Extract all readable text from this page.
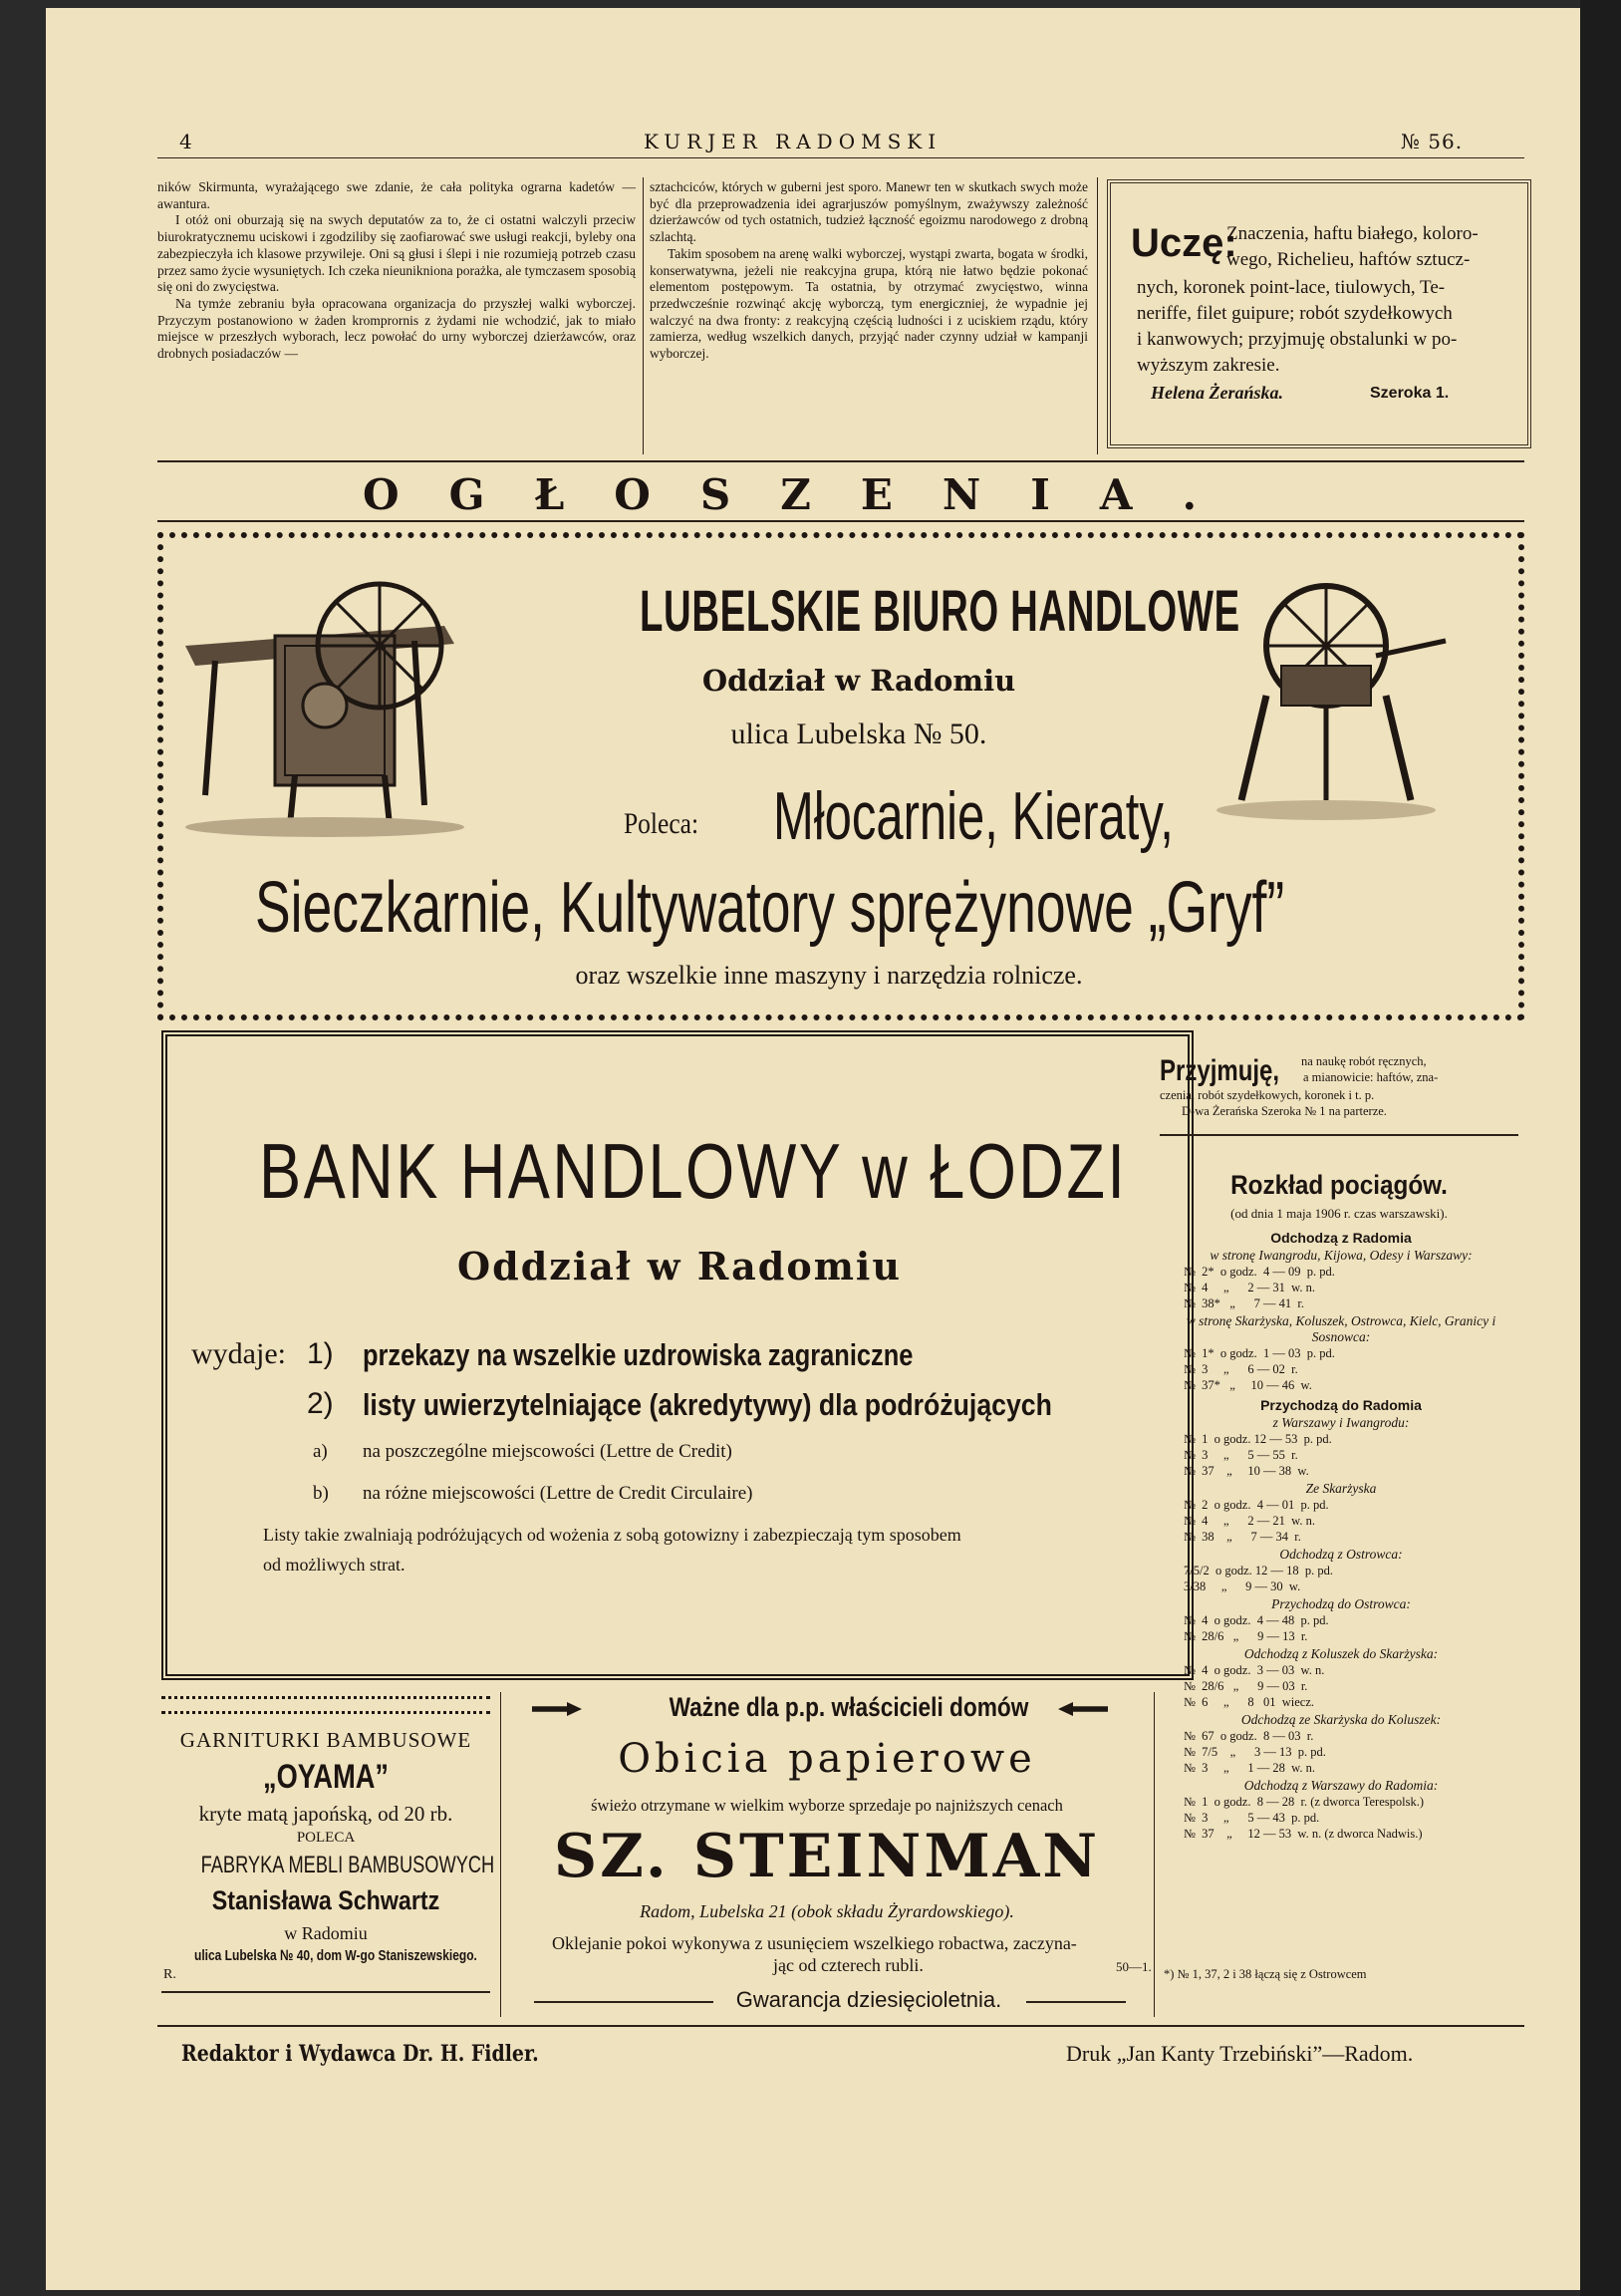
4	KURJER RADOMSKI	№ 56.

ników Skirmunta, wyrażającego swe zdanie, że cała polityka ograrna kadetów — awantura.

I otóż oni oburzają się na swych deputatów za to, że ci ostatni walczyli przeciw biurokratycznemu uciskowi i zgodziliby się zaofiarować swe usługi reakcji, byleby ona zabezpieczyła ich klasowe przywileje. Oni są głusi i ślepi i nie rozumieją potrzeb czasu przez samo życie wysuniętych. Ich czeka nieunikniona porażka, ale tymczasem sposobią się oni do zwycięstwa.

Na tymże zebraniu była opracowana organizacja do przyszłej walki wyborczej. Przyczym postanowiono w żaden kromprornis z żydami nie wchodzić, jak to miało miejsce w przeszłych wyborach, lecz powołać do urny wyborczej dzierżawców, oraz drobnych posiadaczów —

sztachciców, których w guberni jest sporo. Manewr ten w skutkach swych może być dla przeprowadzenia idei agrarjuszów pomyślnym, zważywszy zależność dzierżawców od tych ostatnich, tudzież łączność egoizmu narodowego z drobną szlachtą.

Takim sposobem na arenę walki wyborczej, wystąpi zwarta, bogata w środki, konserwatywna, jeżeli nie reakcyjna grupa, którą nie łatwo będzie pokonać elementom postępowym. Ta ostatnia, by otrzymać zwycięstwo, winna przedwcześnie rozwinąć akcję wyborczą, tym energiczniej, że wypadnie jej walczyć na dwa fronty: z reakcyjną częścią ludności i z uciskiem rządu, który zamierza, według wszelkich danych, przyjąć nader czynny udział w kampanji wyborczej.

Uczę:
Znaczenia, haftu białego, koloro-
wego, Richelieu, haftów sztucz-
nych, koronek point-lace, tiulowych, Te-
neriffe, filet guipure; robót szydełkowych
i kanwowych; przyjmuję obstalunki w po-
wyższym zakresie.
Helena Żerańska.	Szeroka 1.
OGŁOSZENIA.
LUBELSKIE BIURO HANDLOWE
Oddział w Radomiu
ulica Lubelska № 50.
Poleca: Młocarnie, Kieraty,
Sieczkarnie, Kultywatory sprężynowe „Gryf”
oraz wszelkie inne maszyny i narzędzia rolnicze.
BANK HANDLOWY w ŁODZI
Oddział w Radomiu
wydaje: 1) przekazy na wszelkie uzdrowiska zagraniczne
2) listy uwierzytelniające (akredytywy) dla podróżujących
a) na poszczególne miejscowości (Lettre de Credit)
b) na różne miejscowości (Lettre de Credit Circulaire)
Listy takie zwalniają podróżujących od wożenia z sobą gotowizny i zabezpieczają tym sposobem
od możliwych strat.
Przyjmuję, na naukę robót ręcznych,
a mianowicie: haftów, zna-
czenia, robót szydełkowych, koronek i t. p.
D-wa Żerańska Szeroka № 1 na parterze.
Rozkład pociągów.
(od dnia 1 maja 1906 r. czas warszawski).
Odchodzą z Radomia
w stronę Iwangrodu, Kijowa, Odesy i Warszawy:
№  2*  o godz.  4 — 09  p. pd.
№  4     „      2 — 31  w. n.
№  38*   „      7 — 41  r.
w stronę Skarżyska, Koluszek, Ostrowca, Kielc, Granicy i Sosnowca:
№  1*  o godz.  1 — 03  p. pd.
№  3     „      6 — 02  r.
№  37*   „     10 — 46  w.
Przychodzą do Radomia
z Warszawy i Iwangrodu:
№  1  o godz. 12 — 53  p. pd.
№  3     „      5 — 55  r.
№  37    „     10 — 38  w.
Ze Skarżyska
№  2  o godz.  4 — 01  p. pd.
№  4     „      2 — 21  w. n.
№  38    „      7 — 34  r.
Odchodzą z Ostrowca:
7/5/2  o godz. 12 — 18  p. pd.
3/38     „      9 — 30  w.
Przychodzą do Ostrowca:
№  4  o godz.  4 — 48  p. pd.
№  28/6   „      9 — 13  r.
Odchodzą z Koluszek do Skarżyska:
№  4  o godz.  3 — 03  w. n.
№  28/6   „      9 — 03  r.
№  6     „      8   01  wiecz.
Odchodzą ze Skarżyska do Koluszek:
№  67  o godz.  8 — 03  r.
№  7/5    „      3 — 13  p. pd.
№  3     „      1 — 28  w. n.
Odchodzą z Warszawy do Radomia:
№  1  o godz.  8 — 28  r. (z dworca Terespolsk.)
№  3     „      5 — 43  p. pd.
№  37    „     12 — 53  w. n. (z dworca Nadwis.)
*) № 1, 37, 2 i 38 łączą się z Ostrowcem
GARNITURKI BAMBUSOWE
„OYAMA”
kryte matą japońską, od 20 rb.
POLECA
FABRYKA MEBLI BAMBUSOWYCH
Stanisława Schwartz
w Radomiu
ulica Lubelska № 40, dom W-go Staniszewskiego.
R.
Ważne dla p.p. właścicieli domów
Obicia papierowe
świeżo otrzymane w wielkim wyborze sprzedaje po najniższych cenach
SZ. STEINMAN
Radom, Lubelska 21 (obok składu Żyrardowskiego).
Oklejanie pokoi wykonywa z usunięciem wszelkiego robactwa, zaczyna-
jąc od czterech rubli.	50—1.
Gwarancja dziesięcioletnia.
Redaktor i Wydawca Dr. H. Fidler.	Druk „Jan Kanty Trzebiński”—Radom.
